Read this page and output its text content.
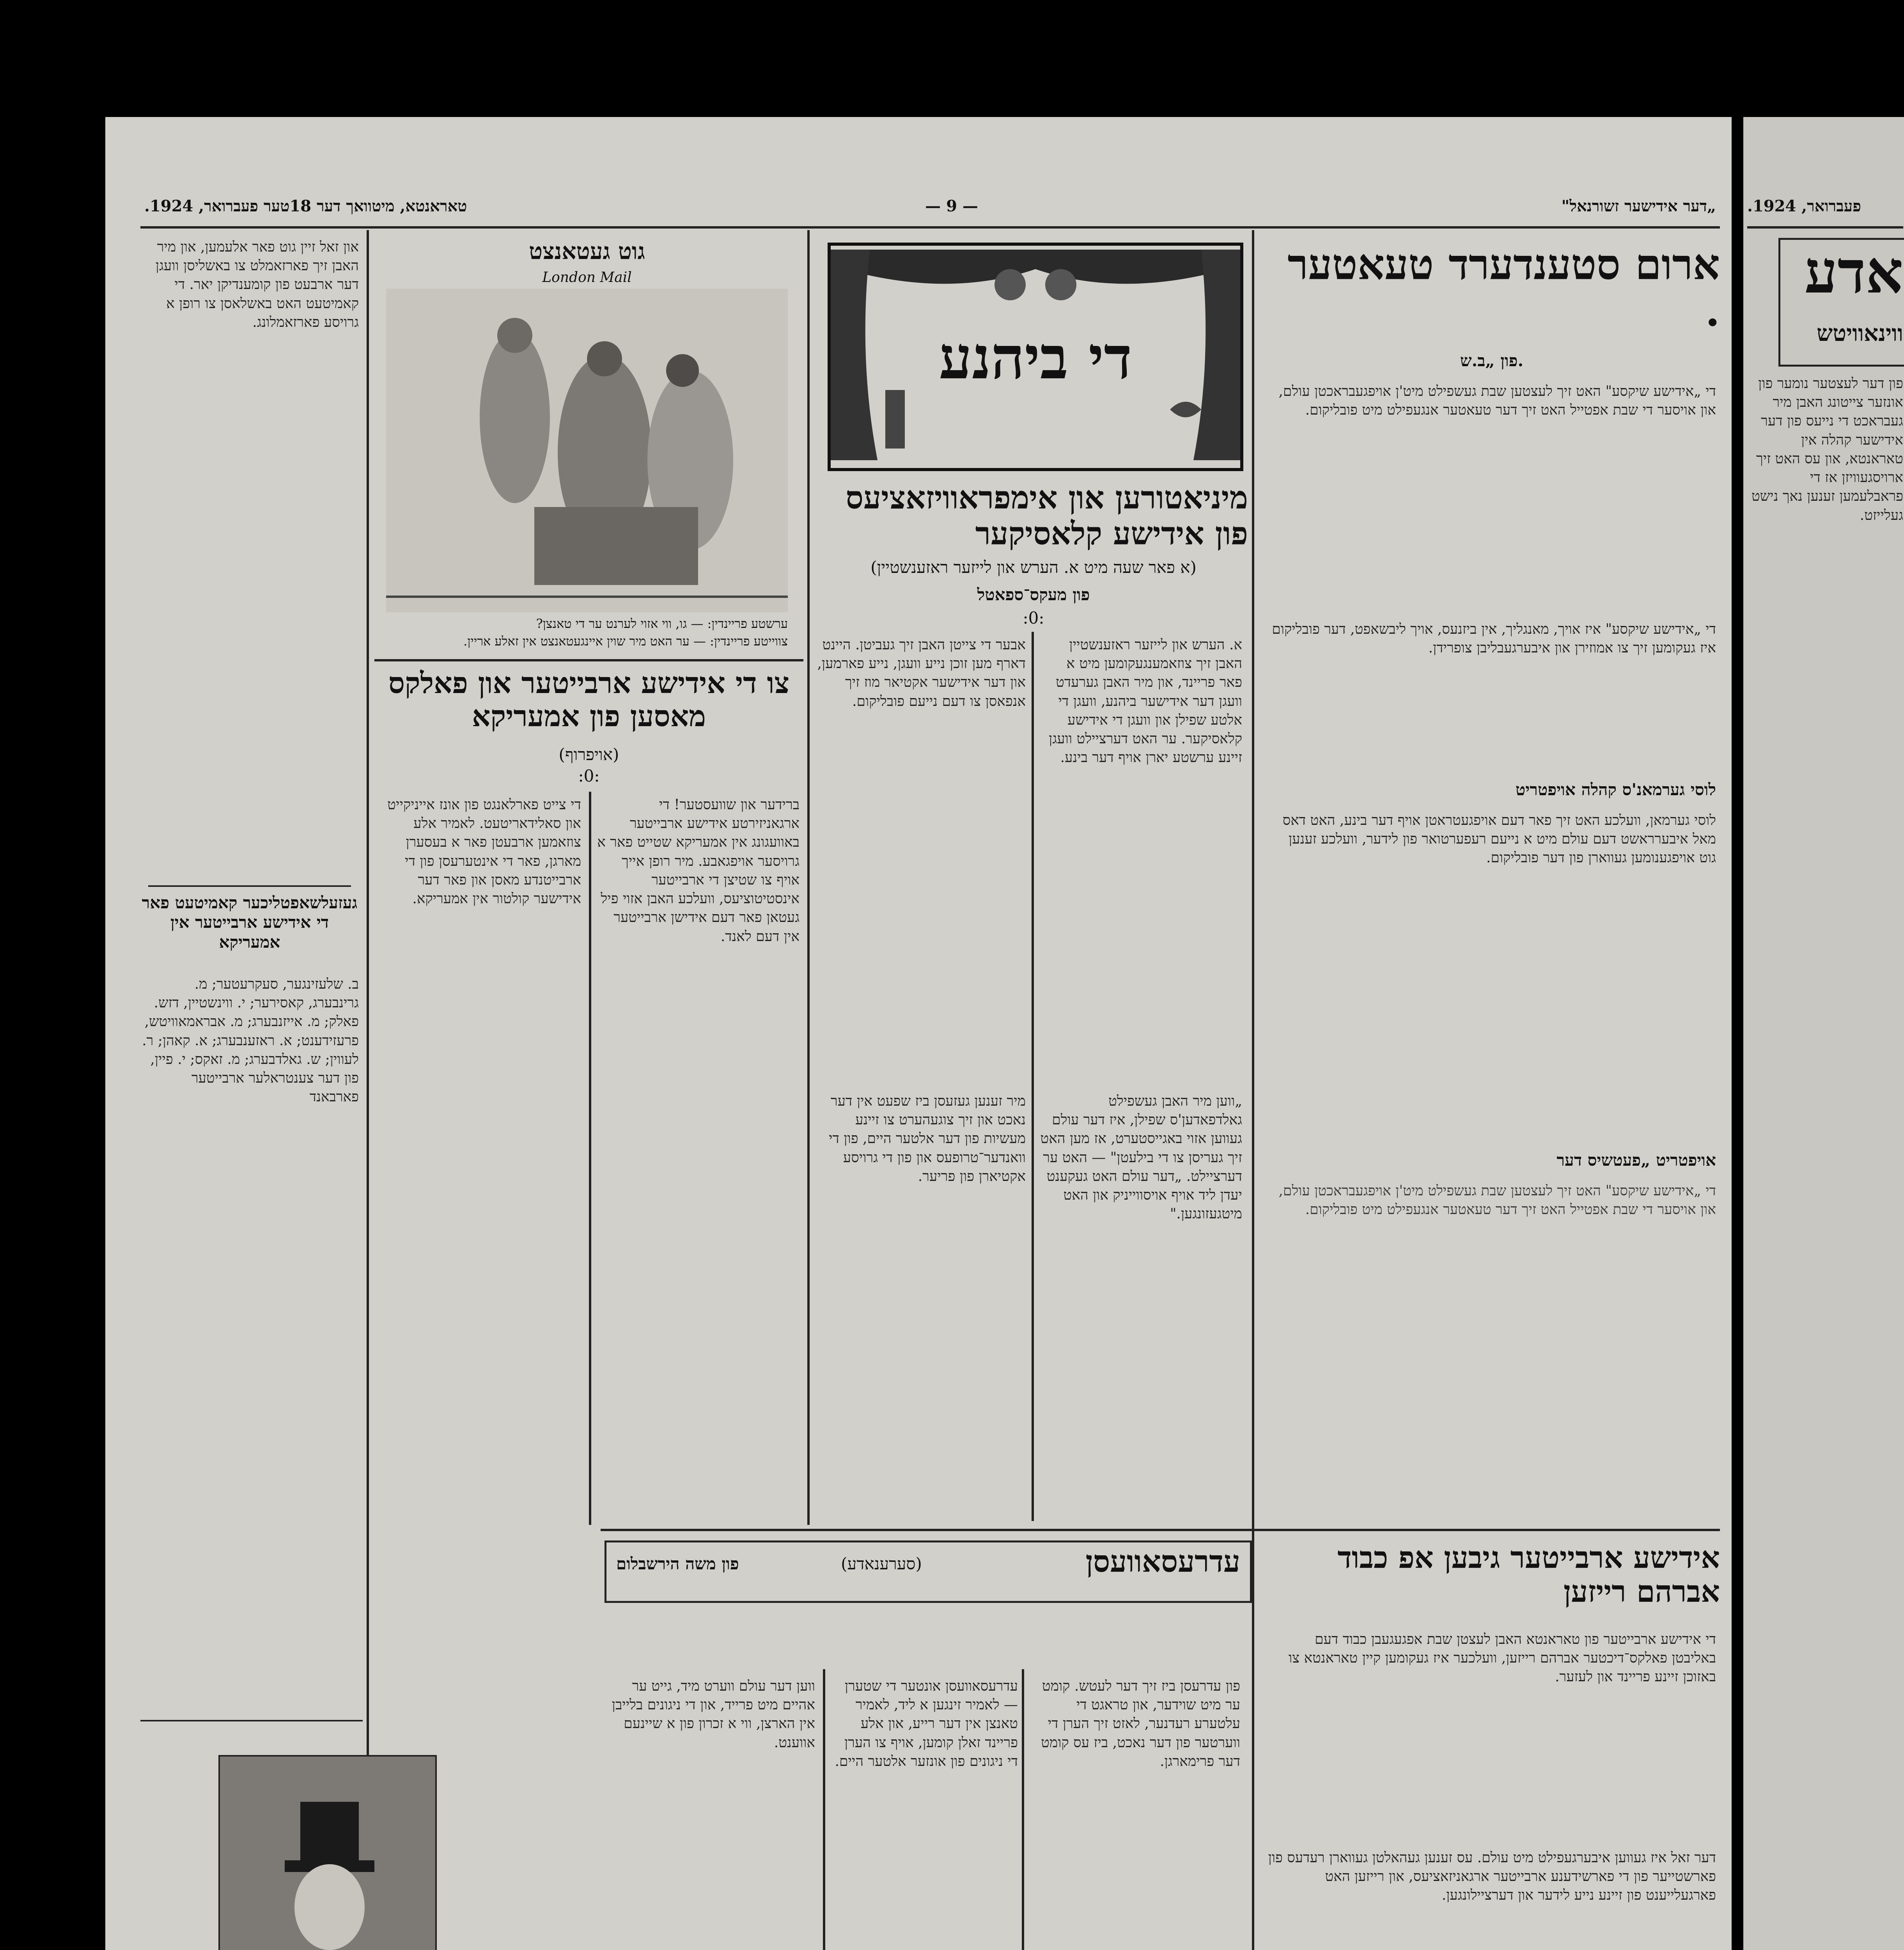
„דער אידישער זשורנאל"
— 9 —
טאראנטא, מיטוואך דער 18טער פעברואר, 1924.
ארום סטענדערד טעאטער .
פון „ב.ש.
די „אידישע שיקסע" האט זיך לעצטען שבת געשפילט מיט'ן אויפגעבראכטן עולם, און אויסער די שבת אפטייל האט זיך דער טעאטער אנגעפילט מיט פובליקום.
די „אידישע שיקסע" איז אויך, מאנגליך, אין ביזנעס, אויך ליבשאפט, דער פובליקום איז געקומען זיך צו אמוזירן און איבערגעבליבן צופרידן.
לוסי גערמאנ'ס קהלה אויפטריט
לוסי גערמאן, וועלכע האט זיך פאר דעם אויפגעטראטן אויף דער בינע, האט דאס מאל איבערראשט דעם עולם מיט א נייעם רעפערטואר פון לידער, וועלכע זענען גוט אויפגענומען געווארן פון דער פובליקום.
אויפטריט „פעטשיס דער
די „אידישע שיקסע" האט זיך לעצטען שבת געשפילט מיט'ן אויפגעבראכטן עולם, און אויסער די שבת אפטייל האט זיך דער טעאטער אנגעפילט מיט פובליקום.
די ביהנע
מיניאטורען און אימפראוויזאציעס פון אידישע קלאסיקער
(א פאר שעה מיט א. הערש און לייזער ראזענשטיין)
פון מעקס־ספאטל
:0:
א. הערש און לייזער ראזענשטיין האבן זיך צוזאמענגעקומען מיט א פאר פריינד, און מיר האבן גערעדט וועגן דער אידישער ביהנע, וועגן די אלטע שפילן און וועגן די אידישע קלאסיקער. ער האט דערציילט וועגן זיינע ערשטע יארן אויף דער בינע.
„ווען מיר האבן געשפילט גאלדפאדען'ס שפילן, איז דער עולם געווען אזוי באגייסטערט, אז מען האט זיך געריסן צו די בילעטן" — האט ער דערציילט. „דער עולם האט געקענט יעדן ליד אויף אויסווייניק און האט מיטגעזונגען."
אבער די צייטן האבן זיך געביטן. היינט דארף מען זוכן נייע וועגן, נייע פארמען, און דער אידישער אקטיאר מוז זיך אנפאסן צו דעם נייעם פובליקום.
מיר זענען געזעסן ביז שפעט אין דער נאכט און זיך צוגעהערט צו זיינע מעשיות פון דער אלטער היים, פון די וואנדער־טרופעס און פון די גרויסע אקטיארן פון פריער.
גוט געטאנצט
London Mail
ערשטע פריינדין: — גו, ווי אזוי לערנט ער די טאנצן?
צווייטע פריינדין: — ער האט מיר שוין איינגעטאנצט אין זאלע אריין.
צו די אידישע ארבייטער און פאלקס מאסען פון אמעריקא
(אויפרוף)
:0:
ברידער און שוועסטער! די ארגאניזירטע אידישע ארבייטער באוועגונג אין אמעריקא שטייט פאר א גרויסער אויפגאבע. מיר רופן אייך אויף צו שטיצן די ארבייטער אינסטיטוציעס, וועלכע האבן אזוי פיל געטאן פאר דעם אידישן ארבייטער אין דעם לאנד.
די צייט פארלאנגט פון אונז אייניקייט און סאלידאריטעט. לאמיר אלע צוזאמען ארבעטן פאר א בעסערן מארגן, פאר די אינטערעסן פון די ארבייטנדע מאסן און פאר דער אידישער קולטור אין אמעריקא.
און זאל זיין גוט פאר אלעמען, און מיר האבן זיך פארזאמלט צו באשליסן וועגן דער ארבעט פון קומענדיקן יאר. די קאמיטעט האט באשלאסן צו רופן א גרויסע פארזאמלונג.
געזעלשאפטליכער קאמיטעט פאר די אידישע ארבייטער אין אמעריקא
ב. שלעזינגער, סעקרעטער; מ. גרינבערג, קאסירער; י. ווינשטיין, דזש. פאלק; מ. אייזנבערג; מ. אבראמאוויטש, פרעזידענט; א. ראזענבערג; א. קאהן; ר. לעווין; ש. גאלדבערג; מ. זאקס; י. פיין, פון דער צענטראלער ארבייטער פארבאנד
עדרעסאוועסן
(סערענאדע)
פון משה הירשבלום
פון עדרעסן ביז זיך דער לעטש. קומט ער מיט שוידער, און טראגט די עלטערע רעדנער, לאזט זיך הערן די ווערטער פון דער נאכט, ביז עס קומט דער פרימארגן.
עדרעסאוועסן אונטער די שטערן — לאמיר זינגען א ליד, לאמיר טאנצן אין דער רייע, און אלע פריינד זאלן קומען, אויף צו הערן די ניגונים פון אונזער אלטער היים.
ווען דער עולם ווערט מיד, גייט ער אהיים מיט פרייד, און די ניגונים בלייבן אין הארצן, ווי א זכרון פון א שיינעם אווענט.
אידישע ארבייטער גיבען אפ כבוד אברהם רייזען
די אידישע ארבייטער פון טאראנטא האבן לעצטן שבת אפגעגעבן כבוד דעם באליבטן פאלקס־דיכטער אברהם רייזען, וועלכער איז געקומען קיין טאראנטא צו באזוכן זיינע פריינד און לעזער.
דער זאל איז געווען איבערגעפילט מיט עולם. עס זענען געהאלטן געווארן רעדעס פון פארשטייער פון די פארשידענע ארבייטער ארגאניזאציעס, און רייזען האט פארגעלייענט פון זיינע נייע לידער און דערציילונגען.
פעברואר, 1924.
אדע
ווינאוויטש
פון דער לעצטער נומער פון אונזער צייטונג האבן מיר געבראכט די נייעס פון דער אידישער קהלה אין טאראנטא, און עס האט זיך ארויסגעוויזן אז די פראבלעמען זענען נאך נישט געלייזט.
